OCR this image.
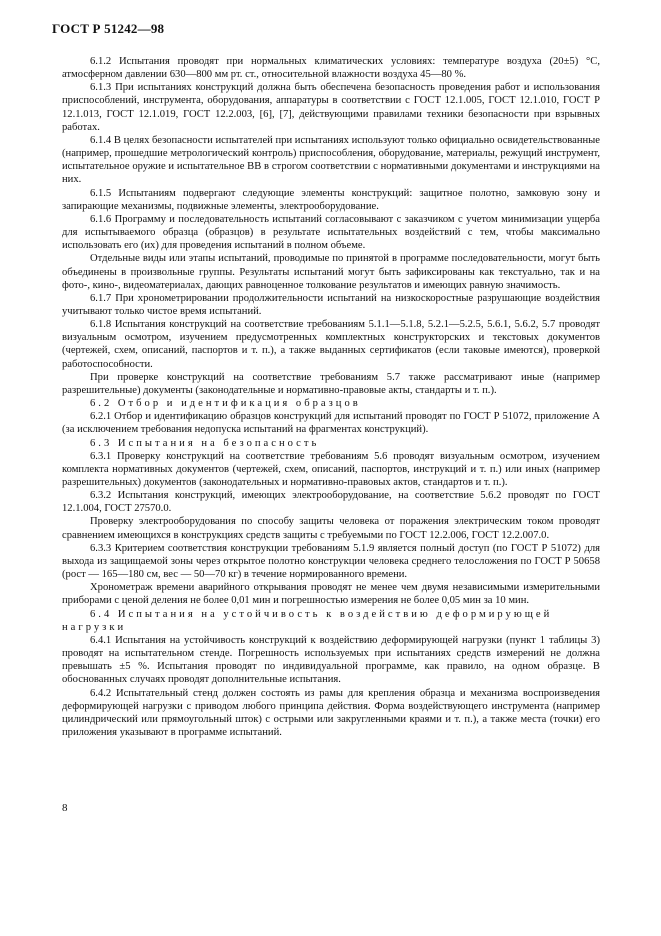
ГОСТ Р 51242—98

6.1.2 Испытания проводят при нормальных климатических условиях: температуре воздуха (20±5) °С, атмосферном давлении 630—800 мм рт. ст., относительной влажности воздуха 45—80 %.

6.1.3 При испытаниях конструкций должна быть обеспечена безопасность проведения работ и использования приспособлений, инструмента, оборудования, аппаратуры в соответствии с ГОСТ 12.1.005, ГОСТ 12.1.010, ГОСТ Р 12.1.013, ГОСТ 12.1.019, ГОСТ 12.2.003, [6], [7], действующими правилами техники безопасности при взрывных работах.

6.1.4 В целях безопасности испытателей при испытаниях используют только официально освидетельствованные (например, прошедшие метрологический контроль) приспособления, оборудование, материалы, режущий инструмент, испытательное оружие и испытательное ВВ в строгом соответствии с нормативными документами и инструкциями на них.

6.1.5 Испытаниям подвергают следующие элементы конструкций: защитное полотно, замковую зону и запирающие механизмы, подвижные элементы, электрооборудование.

6.1.6 Программу и последовательность испытаний согласовывают с заказчиком с учетом минимизации ущерба для испытываемого образца (образцов) в результате испытательных воздействий с тем, чтобы максимально использовать его (их) для проведения испытаний в полном объеме.

Отдельные виды или этапы испытаний, проводимые по принятой в программе последовательности, могут быть объединены в произвольные группы. Результаты испытаний могут быть зафиксированы как текстуально, так и на фото-, кино-, видеоматериалах, дающих равноценное толкование результатов и имеющих равную значимость.

6.1.7 При хронометрировании продолжительности испытаний на низкоскоростные разрушающие воздействия учитывают только чистое время испытаний.

6.1.8 Испытания конструкций на соответствие требованиям 5.1.1—5.1.8, 5.2.1—5.2.5, 5.6.1, 5.6.2, 5.7 проводят визуальным осмотром, изучением предусмотренных комплектных конструкторских и текстовых документов (чертежей, схем, описаний, паспортов и т. п.), а также выданных сертификатов (если таковые имеются), проверкой работоспособности.

При проверке конструкций на соответствие требованиям 5.7 также рассматривают иные (например разрешительные) документы (законодательные и нормативно-правовые акты, стандарты и т. п.).

6.2 Отбор и идентификация образцов

6.2.1 Отбор и идентификацию образцов конструкций для испытаний проводят по ГОСТ Р 51072, приложение А (за исключением требования недопуска испытаний на фрагментах конструкций).

6.3 Испытания на безопасность

6.3.1 Проверку конструкций на соответствие требованиям 5.6 проводят визуальным осмотром, изучением комплекта нормативных документов (чертежей, схем, описаний, паспортов, инструкций и т. п.) или иных (например разрешительных) документов (законодательных и нормативно-правовых актов, стандартов и т. п.).

6.3.2 Испытания конструкций, имеющих электрооборудование, на соответствие 5.6.2 проводят по ГОСТ 12.1.004, ГОСТ 27570.0.

Проверку электрооборудования по способу защиты человека от поражения электрическим током проводят сравнением имеющихся в конструкциях средств защиты с требуемыми по ГОСТ 12.2.006, ГОСТ 12.2.007.0.

6.3.3 Критерием соответствия конструкции требованиям 5.1.9 является полный доступ (по ГОСТ Р 51072) для выхода из защищаемой зоны через открытое полотно конструкции человека среднего телосложения по ГОСТ Р 50658 (рост — 165—180 см, вес — 50—70 кг) в течение нормированного времени.

Хронометраж времени аварийного открывания проводят не менее чем двумя независимыми измерительными приборами с ценой деления не более 0,01 мин и погрешностью измерения не более 0,05 мин за 10 мин.

6.4 Испытания на устойчивость к воздействию деформирующей нагрузки

6.4.1 Испытания на устойчивость конструкций к воздействию деформирующей нагрузки (пункт 1 таблицы 3) проводят на испытательном стенде. Погрешность используемых при испытаниях средств измерений не должна превышать ±5 %. Испытания проводят по индивидуальной программе, как правило, на одном образце. В обоснованных случаях проводят дополнительные испытания.

6.4.2 Испытательный стенд должен состоять из рамы для крепления образца и механизма воспроизведения деформирующей нагрузки с приводом любого принципа действия. Форма воздействующего инструмента (например цилиндрический или прямоугольный шток) с острыми или закругленными краями и т. п.), а также места (точки) его приложения указывают в программе испытаний.

8
